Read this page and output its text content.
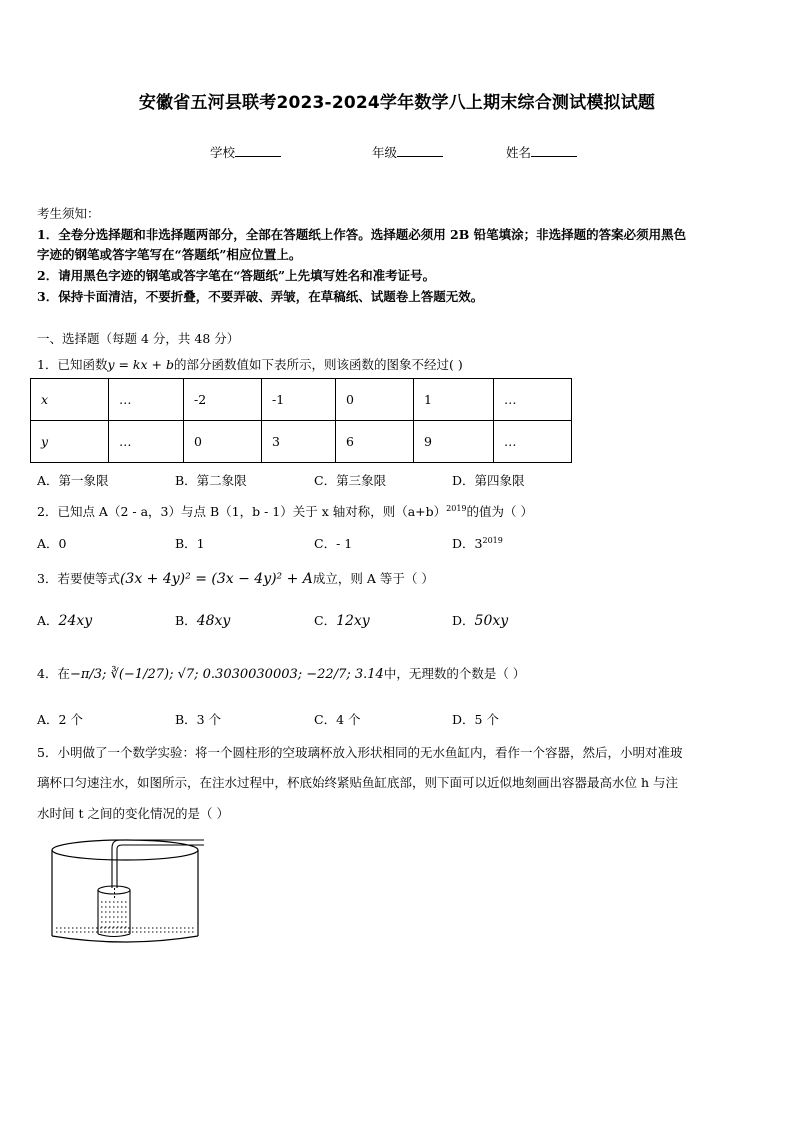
安徽省五河县联考2023-2024学年数学八上期末综合测试模拟试题
学校	年级	姓名
考生须知：
1．全卷分选择题和非选择题两部分，全部在答题纸上作答。选择题必须用 2B 铅笔填涂；非选择题的答案必须用黑色
字迹的钢笔或答字笔写在“答题纸”相应位置上。
2．请用黑色字迹的钢笔或答字笔在“答题纸”上先填写姓名和准考证号。
3．保持卡面清洁，不要折叠，不要弄破、弄皱，在草稿纸、试题卷上答题无效。
一、选择题（每题 4 分，共 48 分）
1．已知函数y = kx + b的部分函数值如下表所示，则该函数的图象不经过( )
x	…	-2	-1	0	1	…
y	…	0	3	6	9	…
A．第一象限	B．第二象限	C．第三象限	D．第四象限
2．已知点 A（2 - a，3）与点 B（1，b - 1）关于 x 轴对称，则$(a+b)^{2019}$的值为（ ）
A．0	B．1	C．- 1	D．$3^{2019}$
3．若要使等式(3x + 4y)² = (3x − 4y)² + A成立，则 A 等于（ ）
A．24xy	B．48xy	C．12xy	D．50xy
4．在−π/3; ∛(−1/27); √7; 0.3030030003; −22/7; 3.14中，无理数的个数是（ ）
A．2 个	B．3 个	C．4 个	D．5 个
5．小明做了一个数学实验：将一个圆柱形的空玻璃杯放入形状相同的无水鱼缸内，看作一个容器，然后，小明对准玻
璃杯口匀速注水，如图所示，在注水过程中，杯底始终紧贴鱼缸底部，则下面可以近似地刻画出容器最高水位 h 与注
水时间 t 之间的变化情况的是（ ）
